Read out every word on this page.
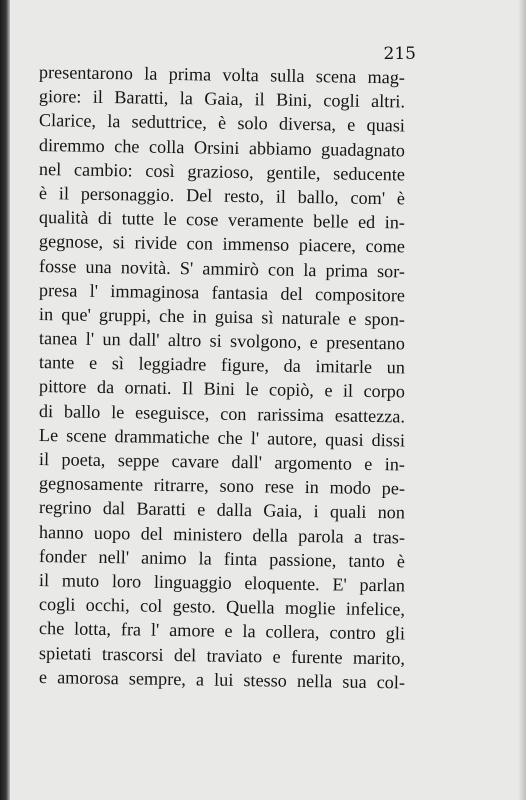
215
presentarono la prima volta sulla scena mag-
giore: il Baratti, la Gaia, il Bini, cogli altri.
Clarice, la seduttrice, è solo diversa, e quasi
diremmo che colla Orsini abbiamo guadagnato
nel cambio: così grazioso, gentile, seducente
è il personaggio. Del resto, il ballo, com' è
qualità di tutte le cose veramente belle ed in-
gegnose, si rivide con immenso piacere, come
fosse una novità. S' ammirò con la prima sor-
presa l' immaginosa fantasia del compositore
in que' gruppi, che in guisa sì naturale e spon-
tanea l' un dall' altro si svolgono, e presentano
tante e sì leggiadre figure, da imitarle un
pittore da ornati. Il Bini le copiò, e il corpo
di ballo le eseguisce, con rarissima esattezza.
Le scene drammatiche che l' autore, quasi dissi
il poeta, seppe cavare dall' argomento e in-
gegnosamente ritrarre, sono rese in modo pe-
regrino dal Baratti e dalla Gaia, i quali non
hanno uopo del ministero della parola a tras-
fonder nell' animo la finta passione, tanto è
il muto loro linguaggio eloquente. E' parlan
cogli occhi, col gesto. Quella moglie infelice,
che lotta, fra l' amore e la collera, contro gli
spietati trascorsi del traviato e furente marito,
e amorosa sempre, a lui stesso nella sua col-
